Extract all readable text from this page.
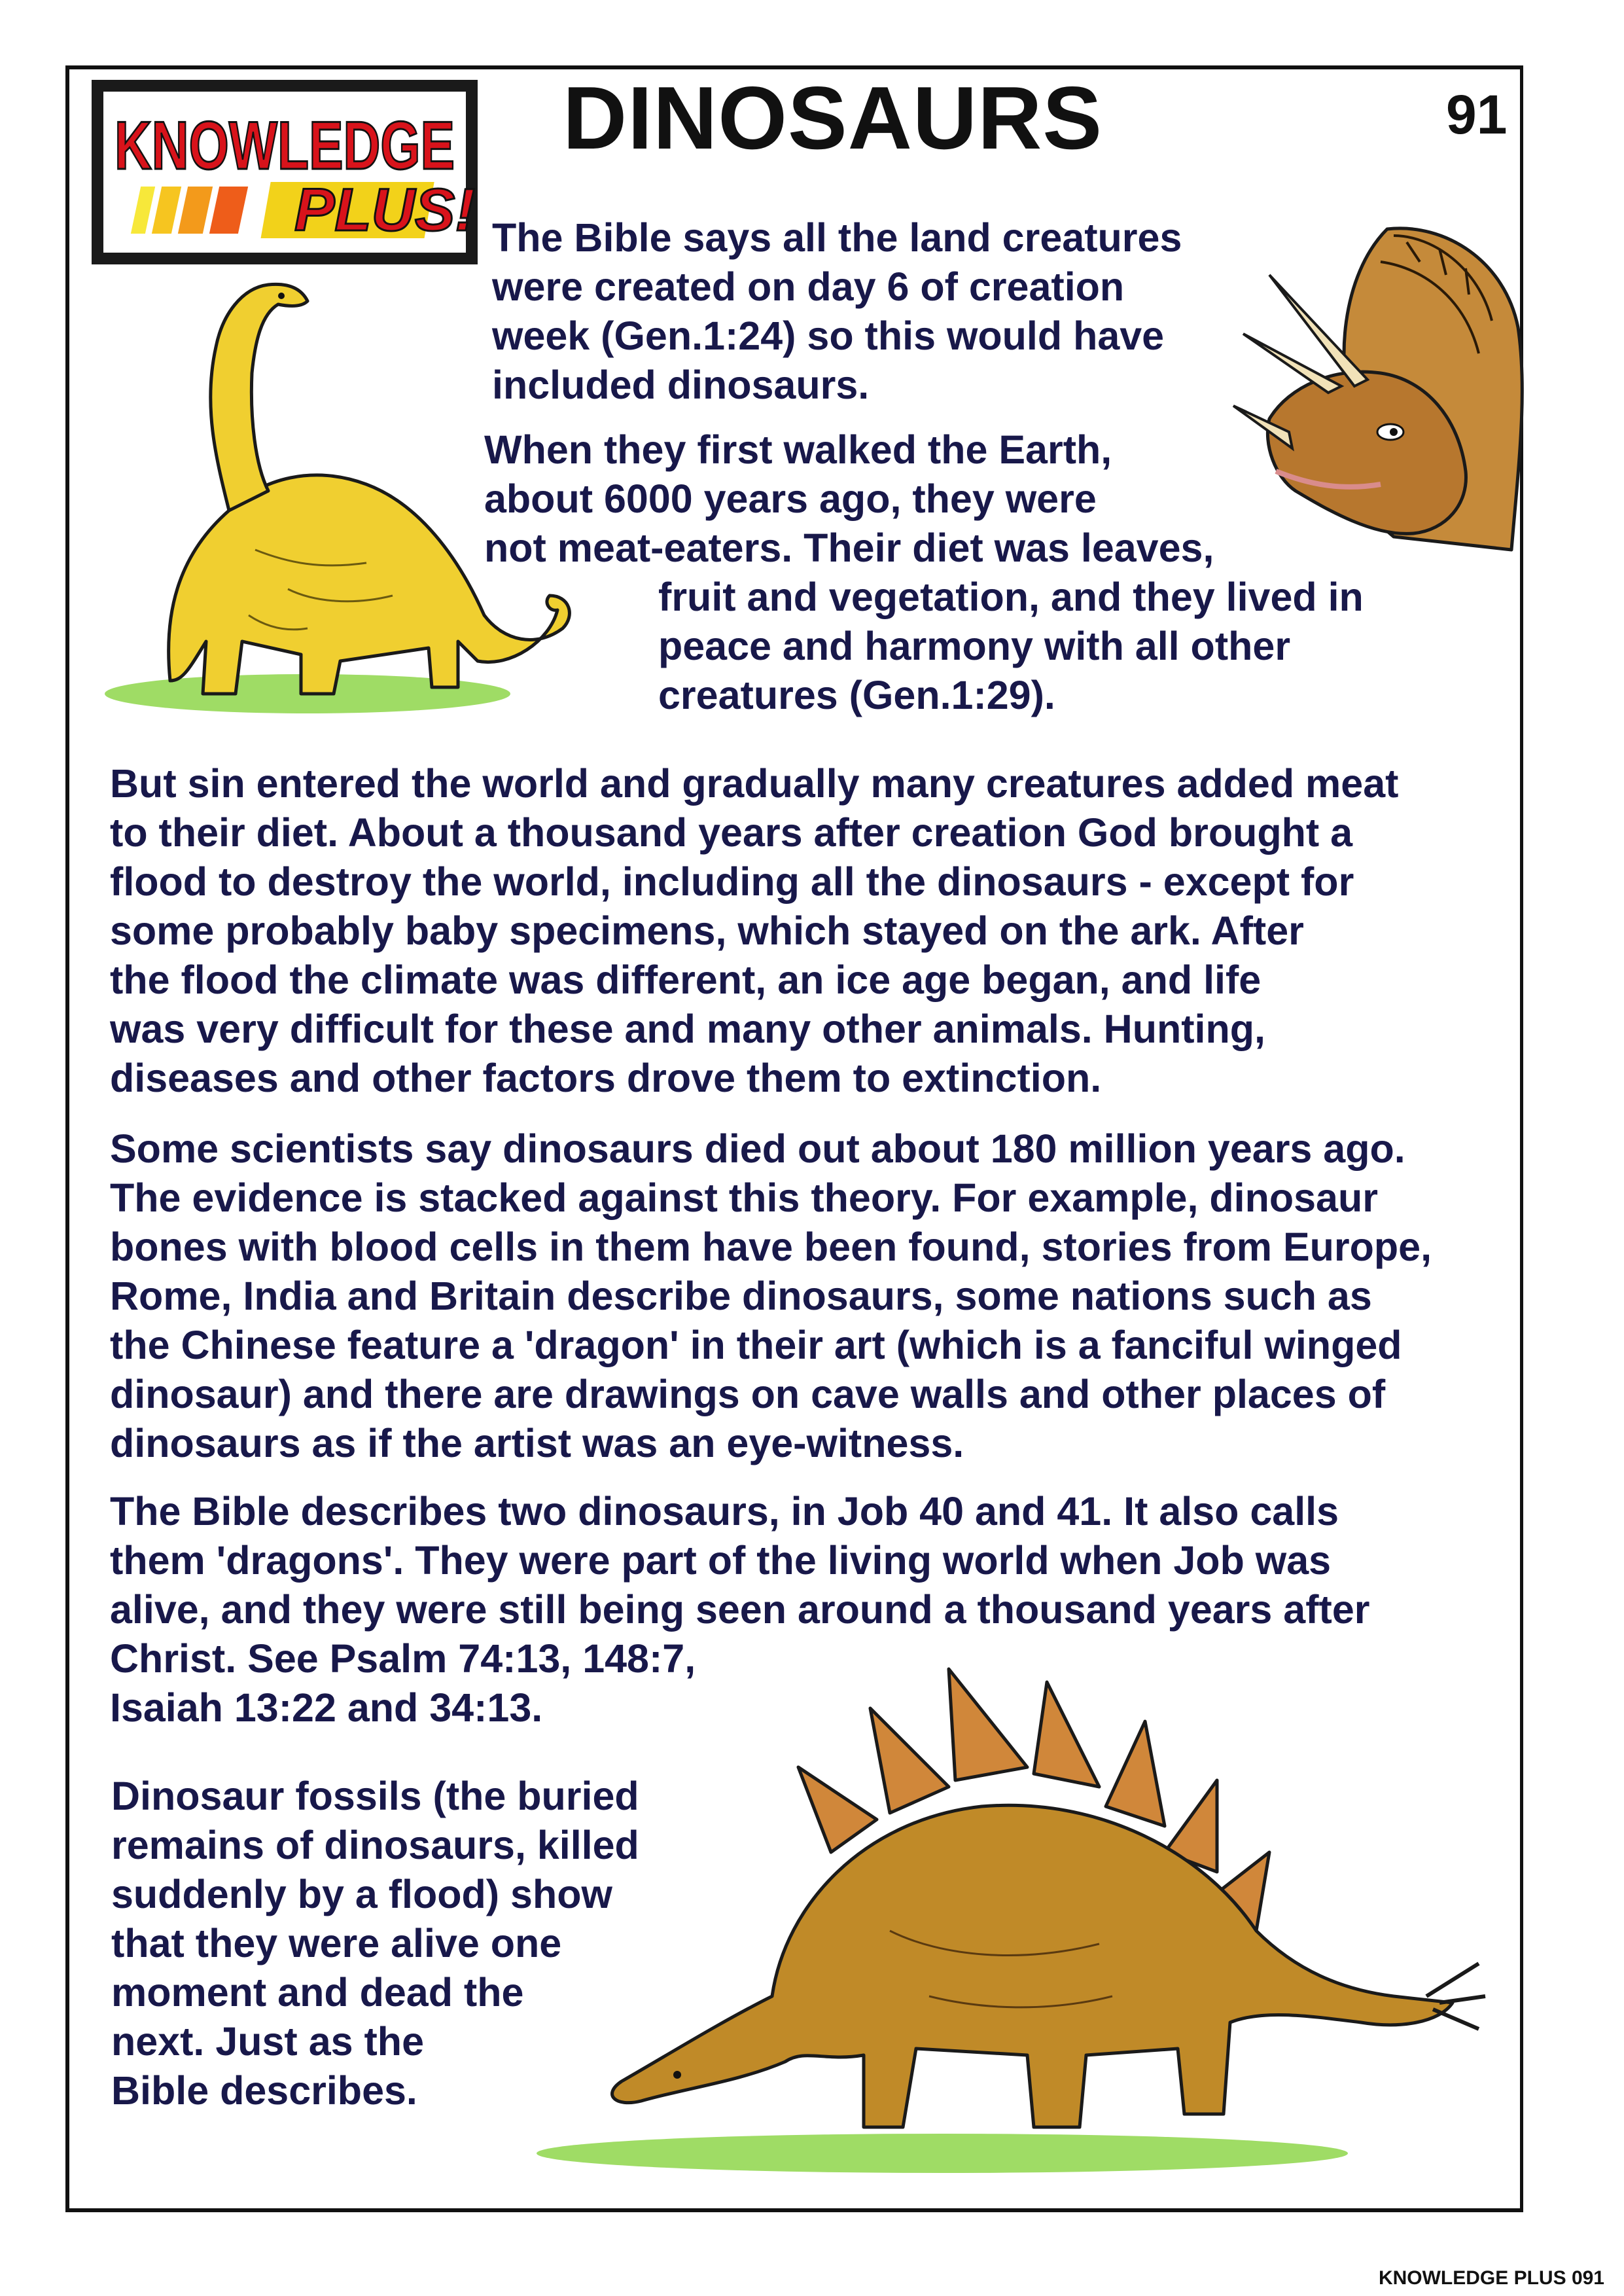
KNOWLEDGE
PLUS!
DINOSAURS	91

The Bible says all the land creatures
were created on day 6 of creation
week (Gen.1:24) so this would have
included dinosaurs.

When they first walked the Earth,
about 6000 years ago, they were
not meat-eaters. Their diet was leaves,

fruit and vegetation, and they lived in
peace and harmony with all other
creatures (Gen.1:29).

But sin entered the world and gradually many creatures added meat
to their diet. About a thousand years after creation God brought a
flood to destroy the world, including all the dinosaurs - except for
some probably baby specimens, which stayed on the ark. After
the flood the climate was different, an ice age began, and life
was very difficult for these and many other animals. Hunting,
diseases and other factors drove them to extinction.

Some scientists say dinosaurs died out about 180 million years ago.
The evidence is stacked against this theory. For example, dinosaur
bones with blood cells in them have been found, stories from Europe,
Rome, India and Britain describe dinosaurs, some nations such as
the Chinese feature a 'dragon' in their art (which is a fanciful winged
dinosaur) and there are drawings on cave walls and other places of
dinosaurs as if the artist was an eye-witness.

The Bible describes two dinosaurs, in Job 40 and 41. It also calls
them 'dragons'. They were part of the living world when Job was
alive, and they were still being seen around a thousand years after
Christ. See Psalm 74:13, 148:7,
Isaiah 13:22 and 34:13.

Dinosaur fossils (the buried
remains of dinosaurs, killed
suddenly by a flood) show
that they were alive one
moment and dead the
next. Just as the
Bible describes.

KNOWLEDGE PLUS 091
